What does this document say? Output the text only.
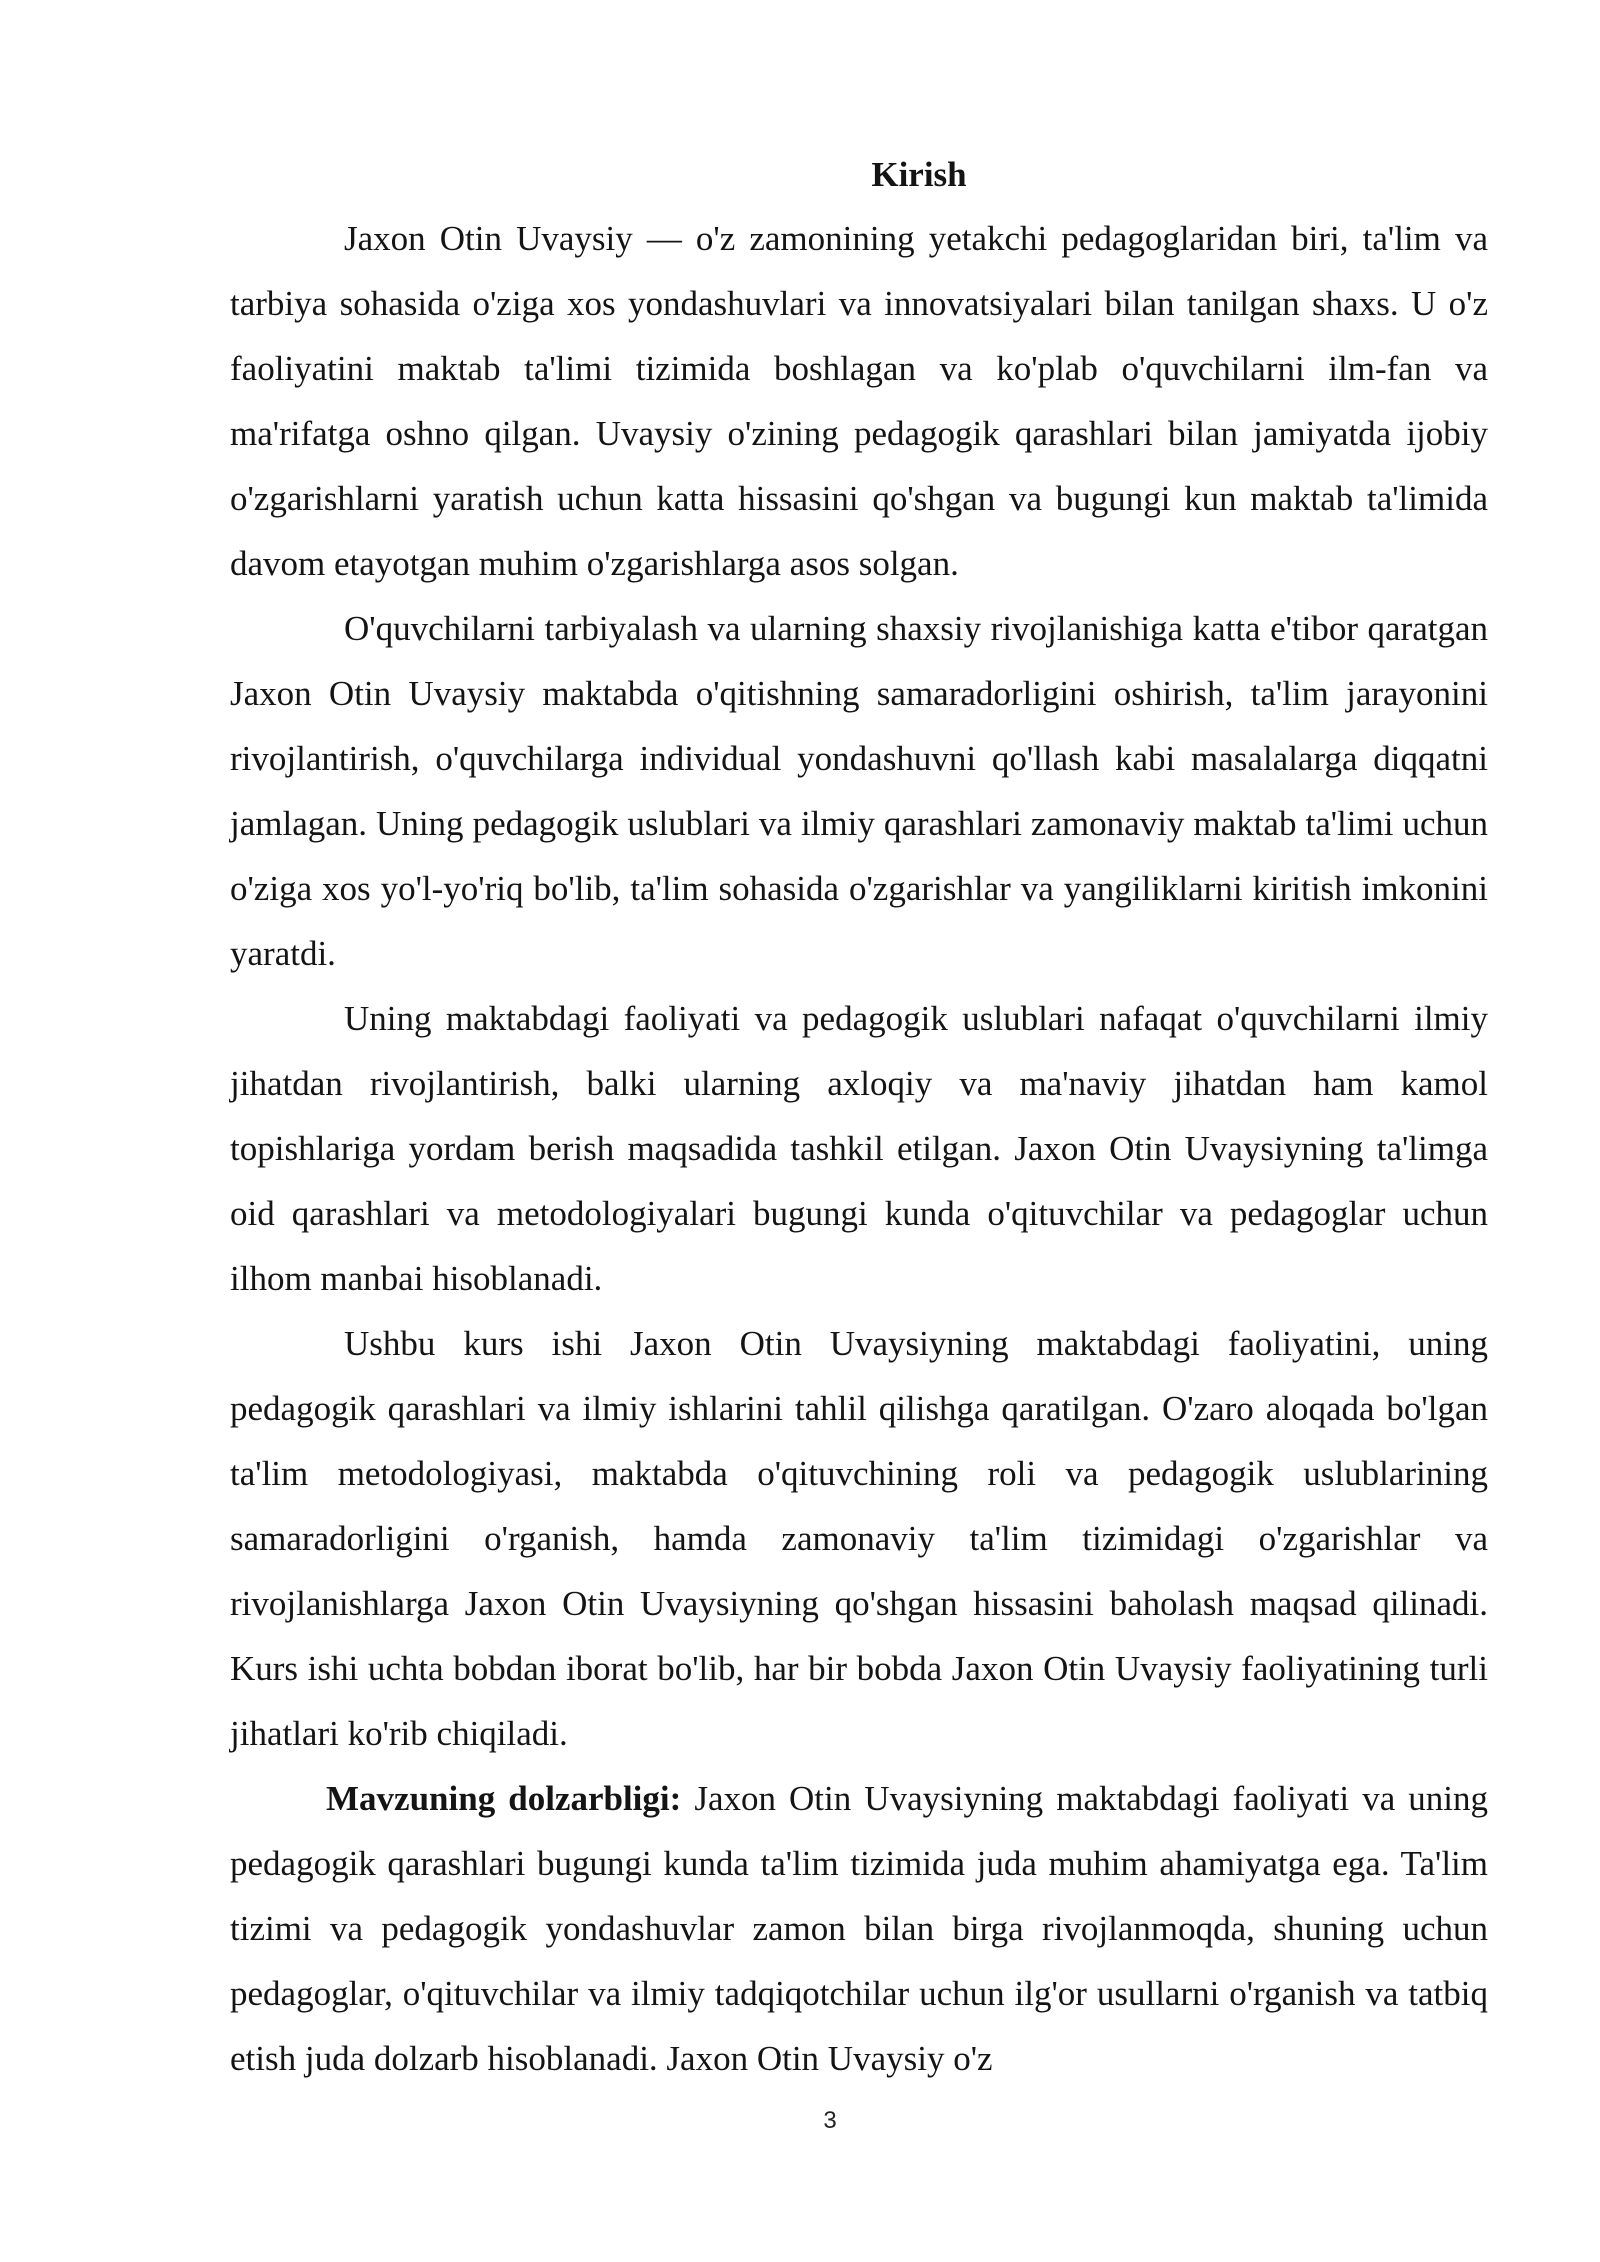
Kirish

Jaxon Otin Uvaysiy — o'z zamonining yetakchi pedagoglaridan biri, ta'lim va tarbiya sohasida o'ziga xos yondashuvlari va innovatsiyalari bilan tanilgan shaxs. U o'z faoliyatini maktab ta'limi tizimida boshlagan va ko'plab o'quvchilarni ilm-fan va ma'rifatga oshno qilgan. Uvaysiy o'zining pedagogik qarashlari bilan jamiyatda ijobiy o'zgarishlarni yaratish uchun katta hissasini qo'shgan va bugungi kun maktab ta'limida davom etayotgan muhim o'zgarishlarga asos solgan.

O'quvchilarni tarbiyalash va ularning shaxsiy rivojlanishiga katta e'tibor qaratgan Jaxon Otin Uvaysiy maktabda o'qitishning samaradorligini oshirish, ta'lim jarayonini rivojlantirish, o'quvchilarga individual yondashuvni qo'llash kabi masalalarga diqqatni jamlagan. Uning pedagogik uslublari va ilmiy qarashlari zamonaviy maktab ta'limi uchun o'ziga xos yo'l-yo'riq bo'lib, ta'lim sohasida o'zgarishlar va yangiliklarni kiritish imkonini yaratdi.

Uning maktabdagi faoliyati va pedagogik uslublari nafaqat o'quvchilarni ilmiy jihatdan rivojlantirish, balki ularning axloqiy va ma'naviy jihatdan ham kamol topishlariga yordam berish maqsadida tashkil etilgan. Jaxon Otin Uvaysiyning ta'limga oid qarashlari va metodologiyalari bugungi kunda o'qituvchilar va pedagoglar uchun ilhom manbai hisoblanadi.

Ushbu kurs ishi Jaxon Otin Uvaysiyning maktabdagi faoliyatini, uning pedagogik qarashlari va ilmiy ishlarini tahlil qilishga qaratilgan. O'zaro aloqada bo'lgan ta'lim metodologiyasi, maktabda o'qituvchining roli va pedagogik uslublarining samaradorligini o'rganish, hamda zamonaviy ta'lim tizimidagi o'zgarishlar va rivojlanishlarga Jaxon Otin Uvaysiyning qo'shgan hissasini baholash maqsad qilinadi. Kurs ishi uchta bobdan iborat bo'lib, har bir bobda Jaxon Otin Uvaysiy faoliyatining turli jihatlari ko'rib chiqiladi.

Mavzuning dolzarbligi: Jaxon Otin Uvaysiyning maktabdagi faoliyati va uning pedagogik qarashlari bugungi kunda ta'lim tizimida juda muhim ahamiyatga ega. Ta'lim tizimi va pedagogik yondashuvlar zamon bilan birga rivojlanmoqda, shuning uchun pedagoglar, o'qituvchilar va ilmiy tadqiqotchilar uchun ilg'or usullarni o'rganish va tatbiq etish juda dolzarb hisoblanadi. Jaxon Otin Uvaysiy o'z

3
